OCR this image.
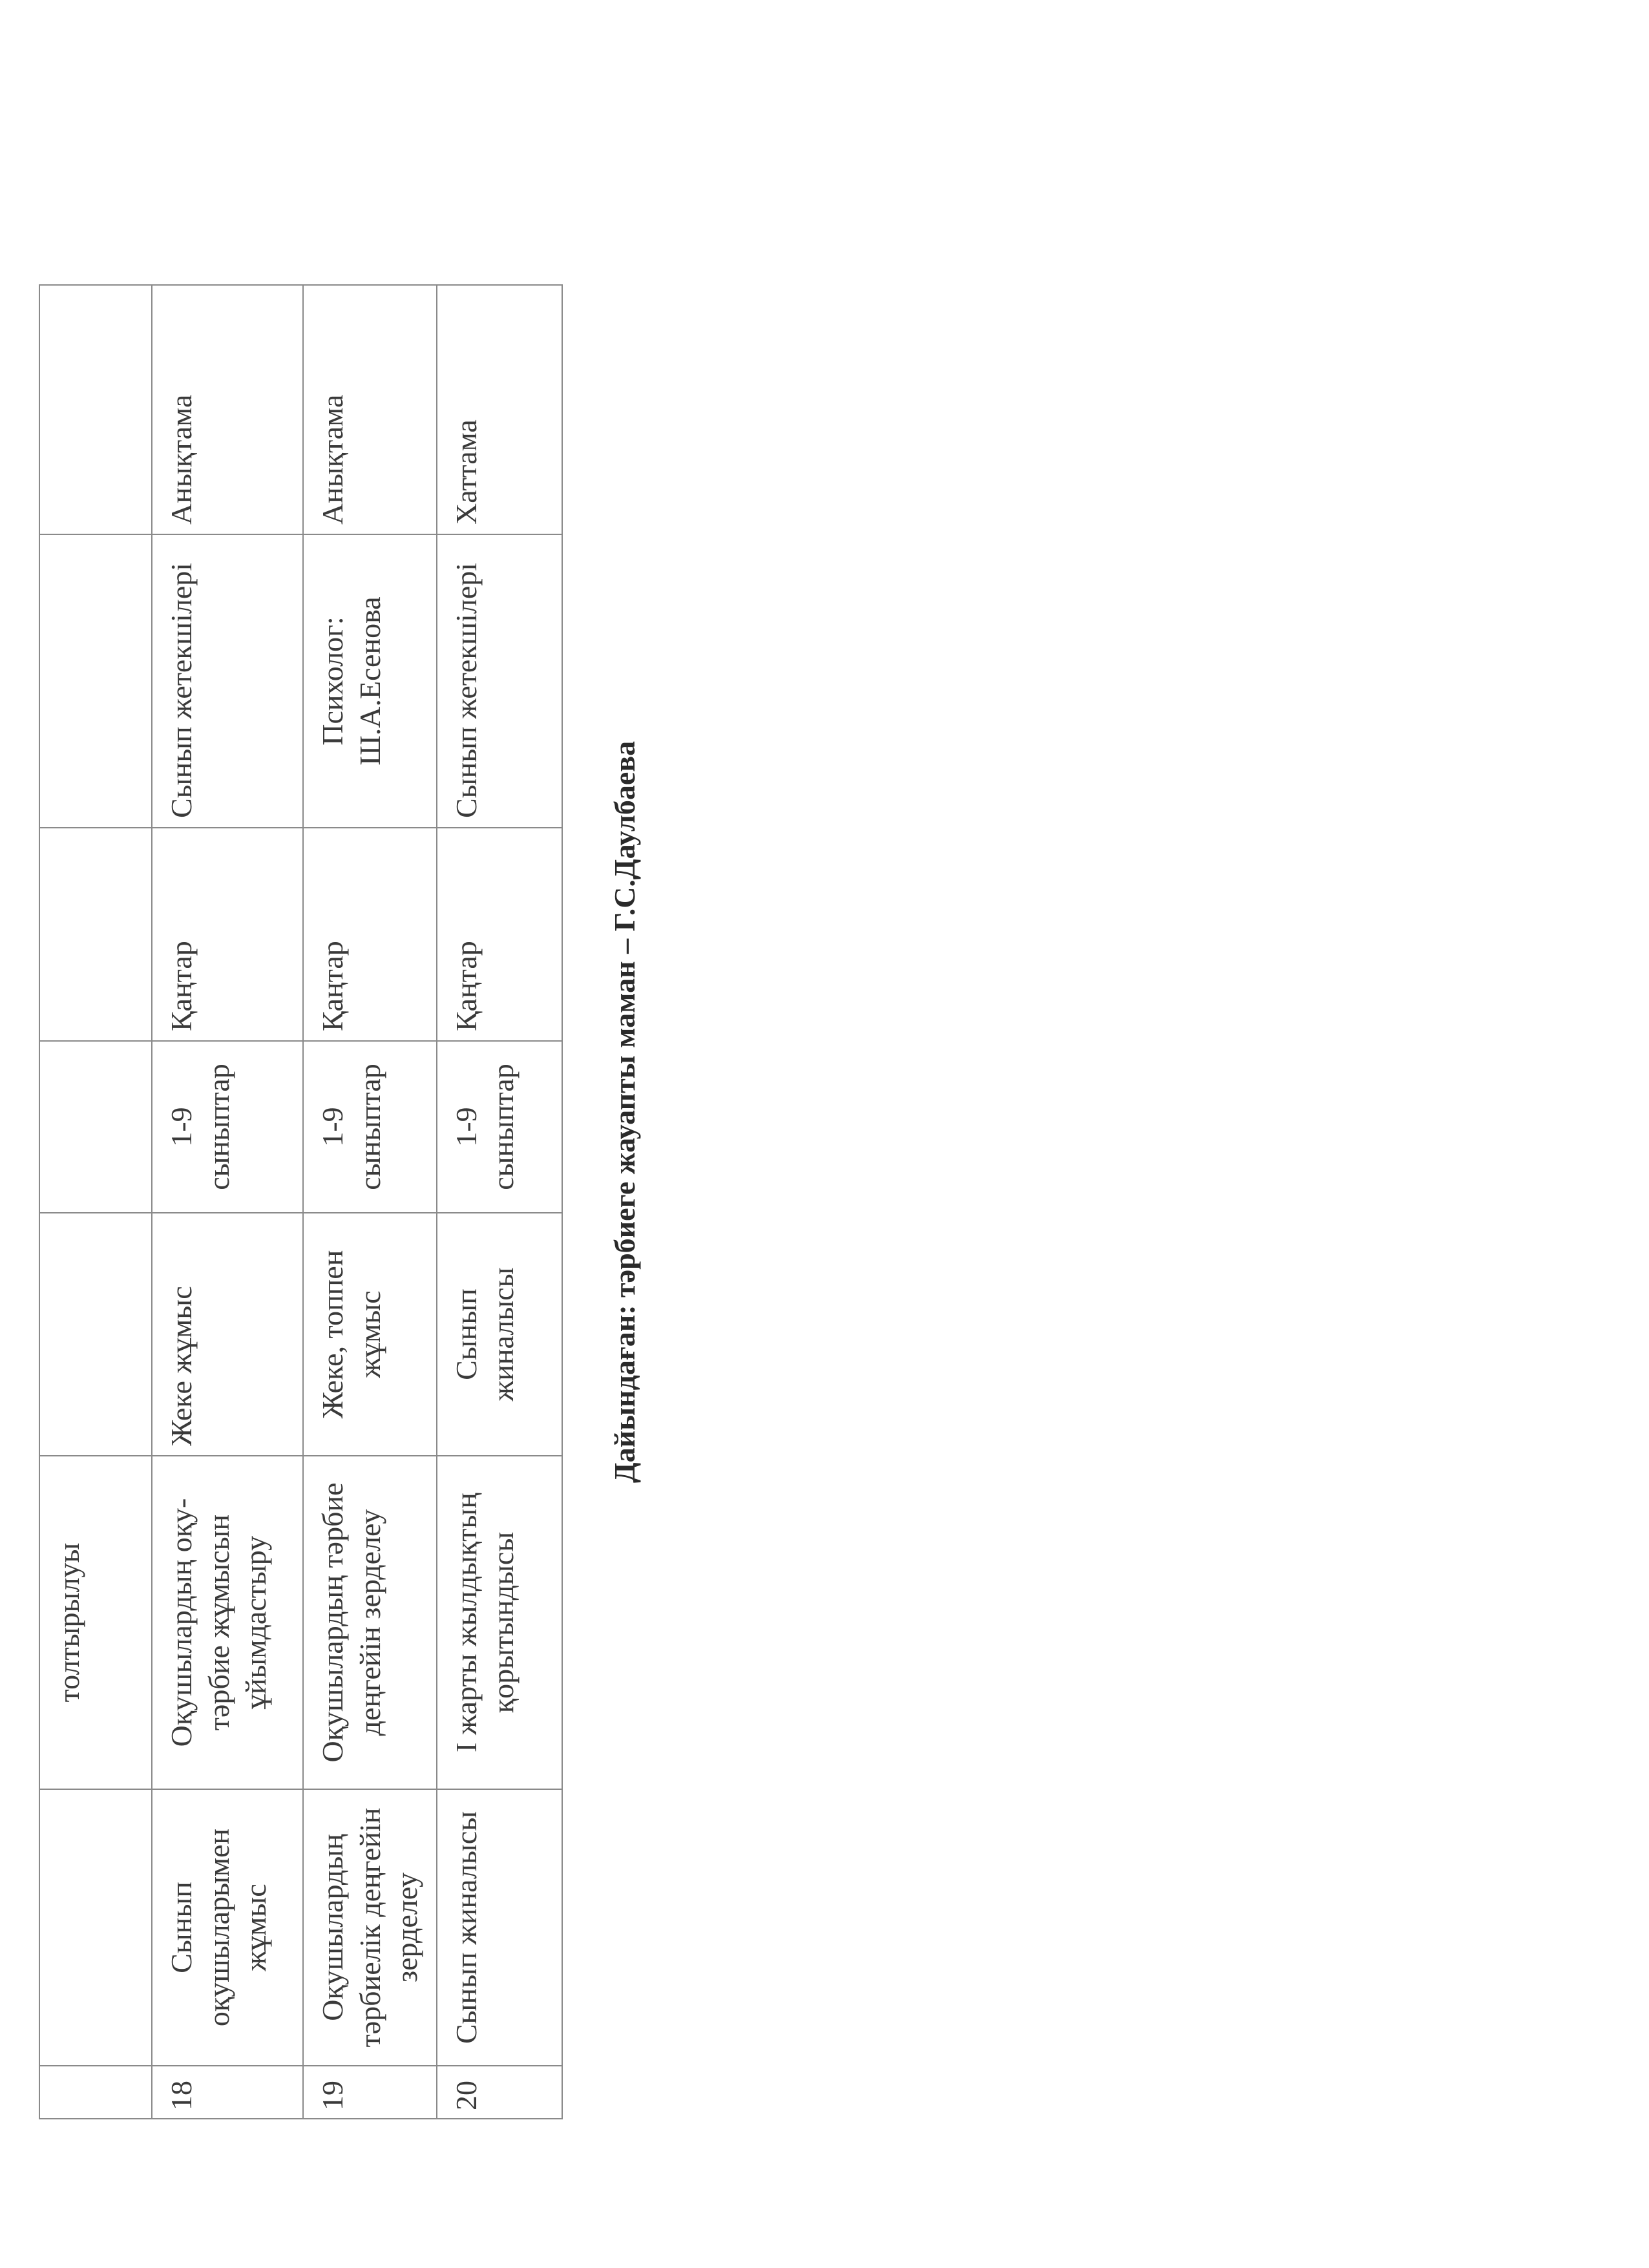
		толтырылуы					
18	Сынып оқушыларымен жұмыс	Оқушылардың оқу-тәрбие жұмысын ұйымдастыру	Жеке жұмыс	1-9 сыныптар	Қаңтар	Сынып жетекшілері	Анықтама
19	Оқушылардың тәрбиелік деңгейін зерделеу	Оқушылардың тәрбие деңгейін зерделеу	Жеке, топпен жұмыс	1-9 сыныптар	Қаңтар	Психолог: Ш.А.Есенова	Анықтама
20	Сынып жиналысы	І жарты жылдықтың қорытындысы	Сынып жиналысы	1-9 сыныптар	Қаңтар	Сынып жетекшілері	Хаттама
Дайындаған: тәрбиеге жауапты маман – Г.С.Даулбаева
